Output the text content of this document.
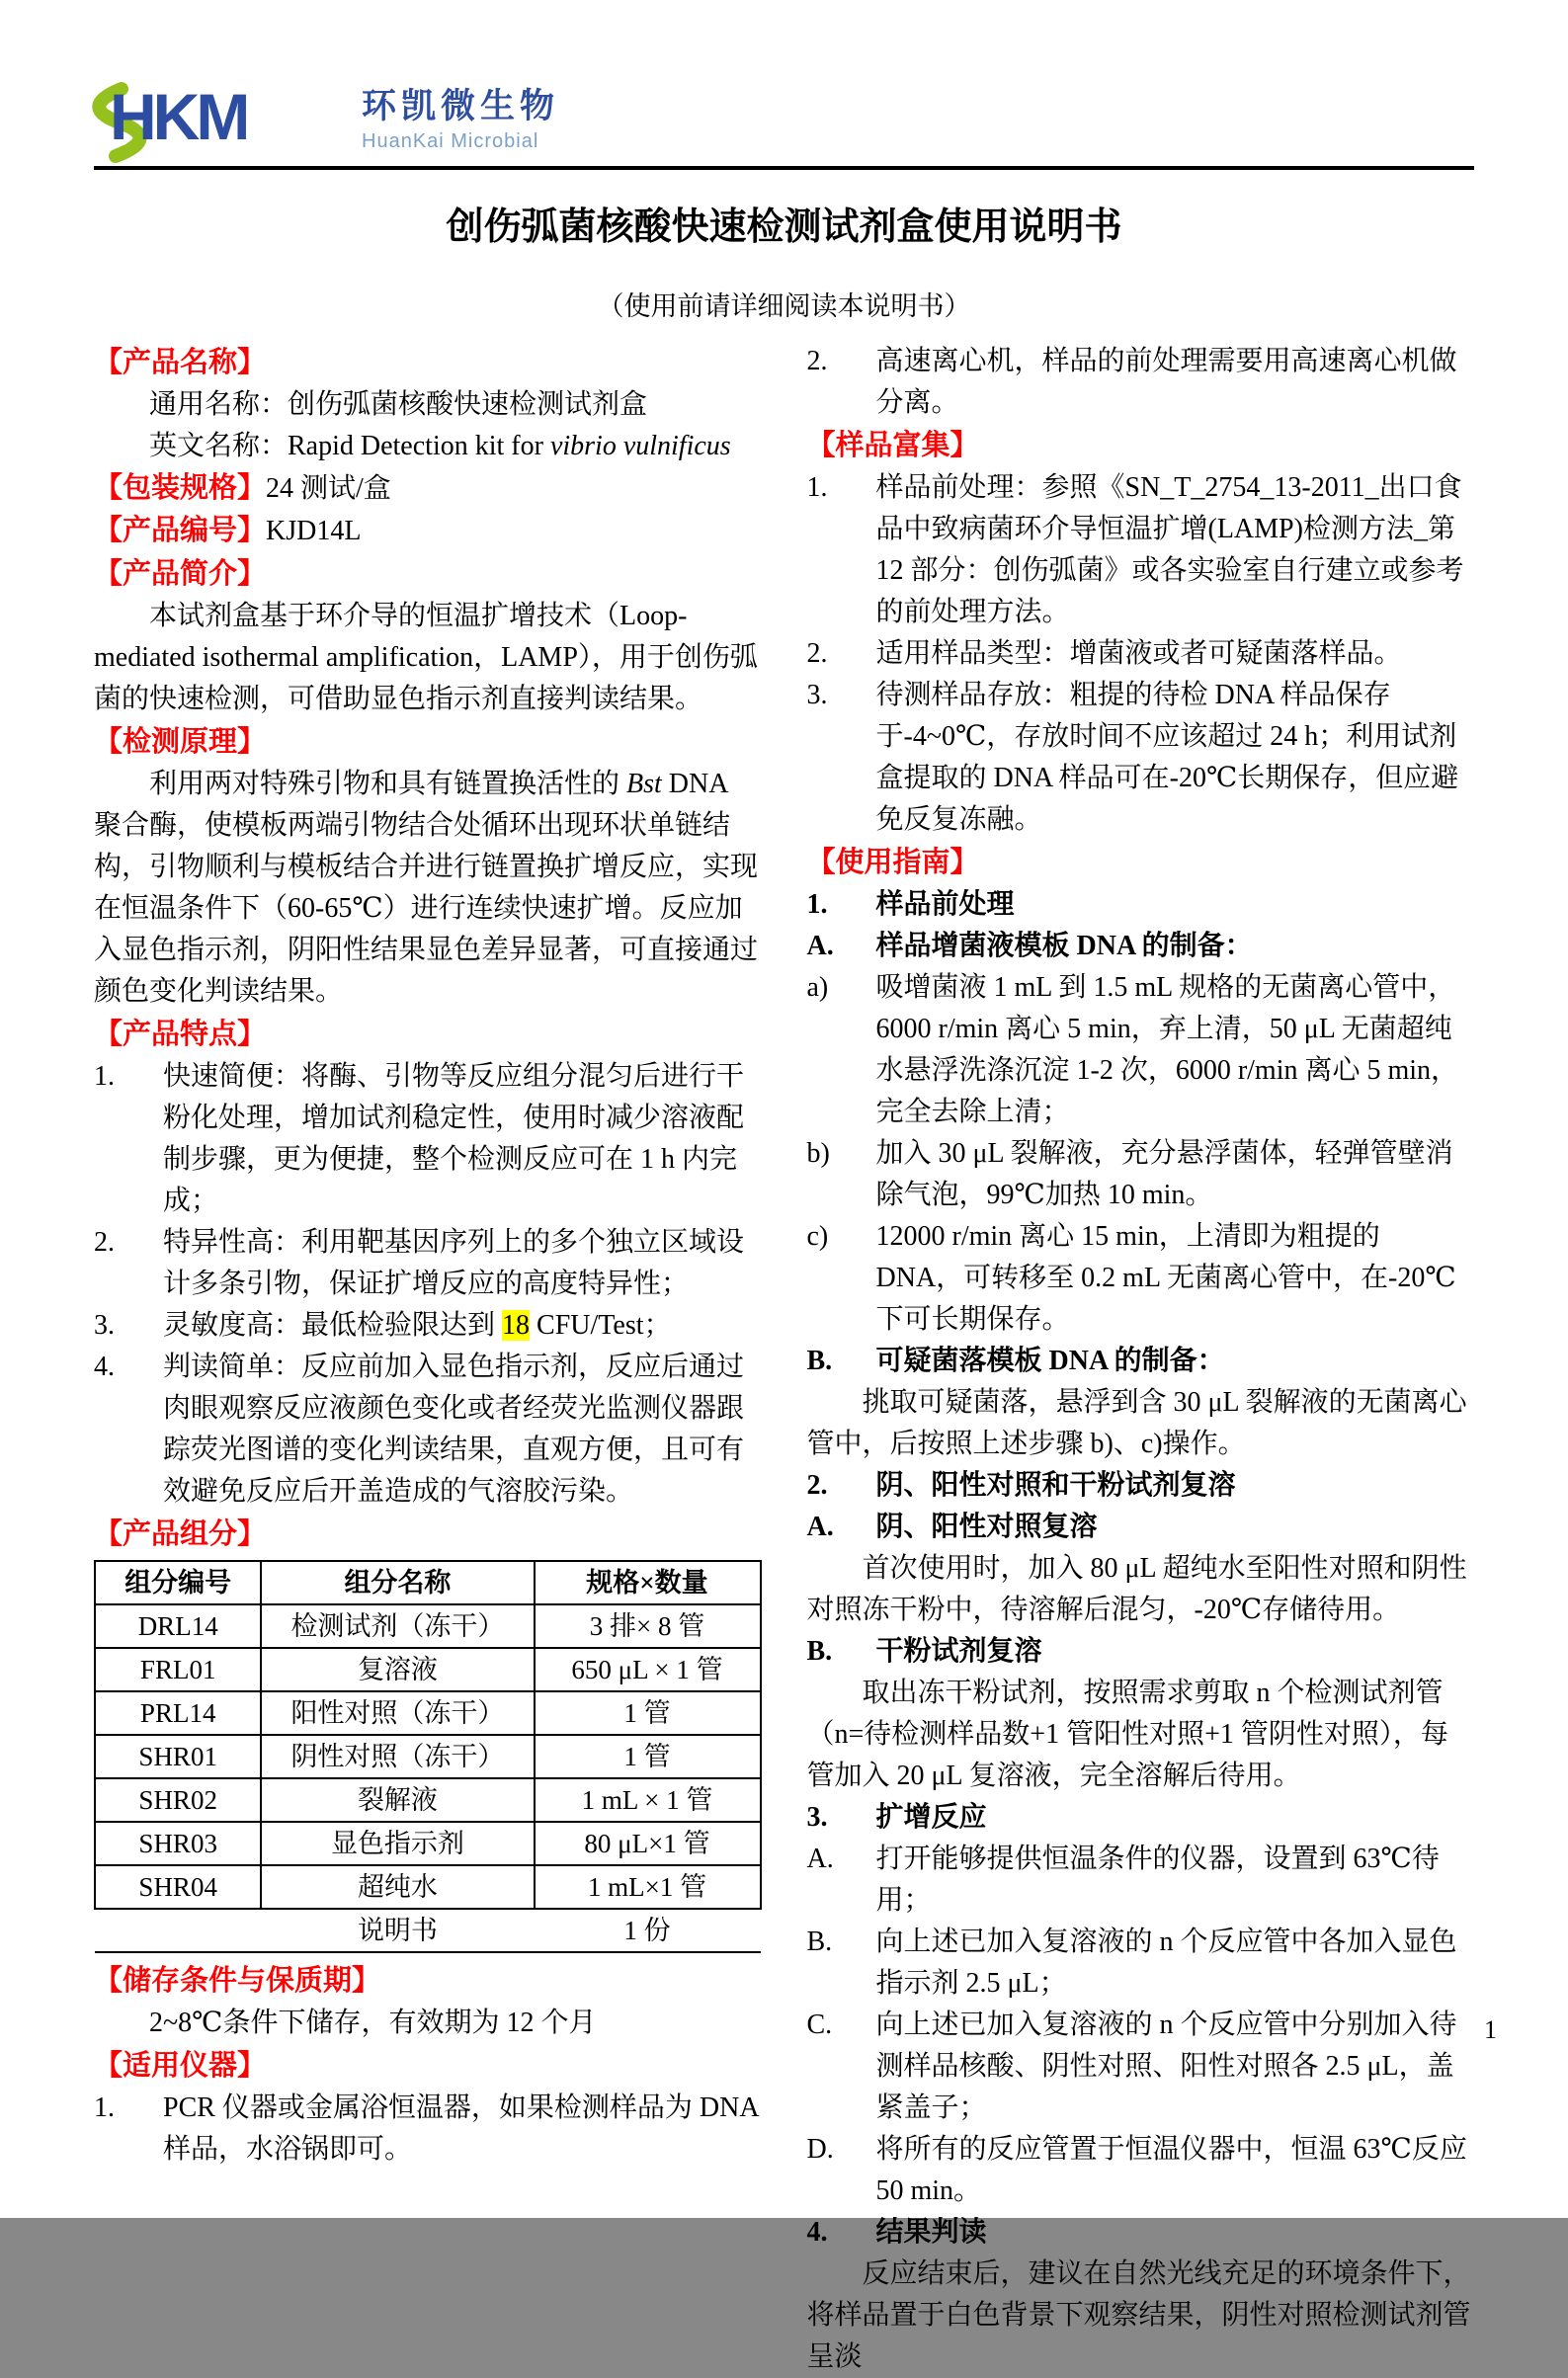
HKM	环凯微生物
HuanKai Microbial
创伤弧菌核酸快速检测试剂盒使用说明书
（使用前请详细阅读本说明书）
【产品名称】

通用名称：创伤弧菌核酸快速检测试剂盒

英文名称：Rapid Detection kit for vibrio vulnificus

【包装规格】24 测试/盒

【产品编号】KJD14L

【产品简介】

本试剂盒基于环介导的恒温扩增技术（Loop-mediated isothermal amplification，LAMP），用于创伤弧菌的快速检测，可借助显色指示剂直接判读结果。

【检测原理】

利用两对特殊引物和具有链置换活性的 Bst DNA 聚合酶，使模板两端引物结合处循环出现环状单链结构，引物顺利与模板结合并进行链置换扩增反应，实现在恒温条件下（60-65℃）进行连续快速扩增。反应加入显色指示剂，阴阳性结果显色差异显著，可直接通过颜色变化判读结果。

【产品特点】
1.	快速简便：将酶、引物等反应组分混匀后进行干粉化处理，增加试剂稳定性，使用时减少溶液配制步骤，更为便捷，整个检测反应可在 1 h 内完成；
2.	特异性高：利用靶基因序列上的多个独立区域设计多条引物，保证扩增反应的高度特异性；
3.	灵敏度高：最低检验限达到 18 CFU/Test；
4.	判读简单：反应前加入显色指示剂，反应后通过肉眼观察反应液颜色变化或者经荧光监测仪器跟踪荧光图谱的变化判读结果，直观方便，且可有效避免反应后开盖造成的气溶胶污染。
【产品组分】
组分编号	组分名称	规格×数量
DRL14	检测试剂（冻干）	3 排× 8 管
FRL01	复溶液	650 μL × 1 管
PRL14	阳性对照（冻干）	1 管
SHR01	阴性对照（冻干）	1 管
SHR02	裂解液	1 mL × 1 管
SHR03	显色指示剂	80 μL×1 管
SHR04	超纯水	1 mL×1 管
	说明书	1 份
【储存条件与保质期】

2~8℃条件下储存，有效期为 12 个月

【适用仪器】
1.	PCR 仪器或金属浴恒温器，如果检测样品为 DNA 样品，水浴锅即可。
2.	高速离心机，样品的前处理需要用高速离心机做分离。
【样品富集】
1.	样品前处理：参照《SN_T_2754_13-2011_出口食品中致病菌环介导恒温扩增(LAMP)检测方法_第 12 部分：创伤弧菌》或各实验室自行建立或参考的前处理方法。
2.	适用样品类型：增菌液或者可疑菌落样品。
3.	待测样品存放：粗提的待检 DNA 样品保存于-4~0℃，存放时间不应该超过 24 h；利用试剂盒提取的 DNA 样品可在-20℃长期保存，但应避免反复冻融。
【使用指南】
1.	样品前处理
A.	样品增菌液模板 DNA 的制备：
a)	吸增菌液 1 mL 到 1.5 mL 规格的无菌离心管中，6000 r/min 离心 5 min，弃上清，50 μL 无菌超纯水悬浮洗涤沉淀 1-2 次，6000 r/min 离心 5 min，完全去除上清；
b)	加入 30 μL 裂解液，充分悬浮菌体，轻弹管壁消除气泡，99℃加热 10 min。
c)	12000 r/min 离心 15 min，上清即为粗提的 DNA，可转移至 0.2 mL 无菌离心管中，在-20℃下可长期保存。
B.	可疑菌落模板 DNA 的制备：

挑取可疑菌落，悬浮到含 30 μL 裂解液的无菌离心管中，后按照上述步骤 b)、c)操作。

2.	阴、阳性对照和干粉试剂复溶
A.	阴、阳性对照复溶

首次使用时，加入 80 μL 超纯水至阳性对照和阴性对照冻干粉中，待溶解后混匀，-20℃存储待用。

B.	干粉试剂复溶

取出冻干粉试剂，按照需求剪取 n 个检测试剂管（n=待检测样品数+1 管阳性对照+1 管阴性对照），每管加入 20 μL 复溶液，完全溶解后待用。

3.	扩增反应
A.	打开能够提供恒温条件的仪器，设置到 63℃待用；
B.	向上述已加入复溶液的 n 个反应管中各加入显色指示剂 2.5 μL；
C.	向上述已加入复溶液的 n 个反应管中分别加入待测样品核酸、阴性对照、阳性对照各 2.5 μL，盖紧盖子；
D.	将所有的反应管置于恒温仪器中，恒温 63℃反应 50 min。
4.	结果判读

反应结束后，建议在自然光线充足的环境条件下，将样品置于白色背景下观察结果，阴性对照检测试剂管呈淡

1
